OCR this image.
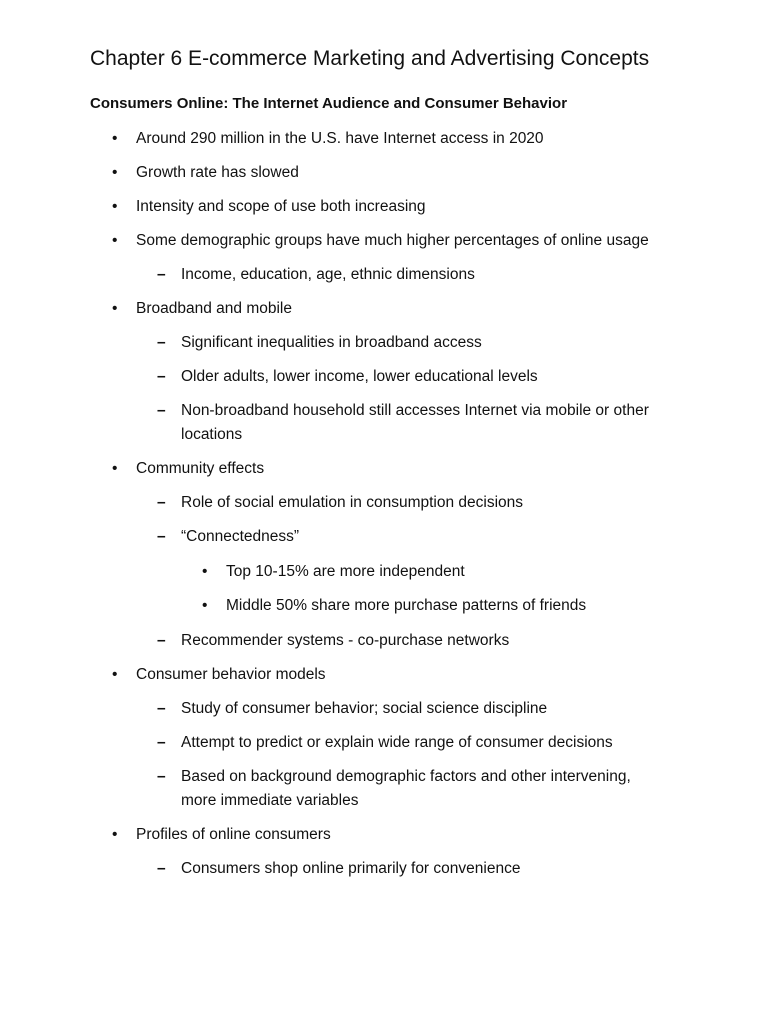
Chapter 6 E-commerce Marketing and Advertising Concepts
Consumers Online: The Internet Audience and Consumer Behavior
• Around 290 million in the U.S. have Internet access in 2020
• Growth rate has slowed
• Intensity and scope of use both increasing
• Some demographic groups have much higher percentages of online usage
– Income, education, age, ethnic dimensions
• Broadband and mobile
– Significant inequalities in broadband access
– Older adults, lower income, lower educational levels
– Non-broadband household still accesses Internet via mobile or other
locations
• Community effects
– Role of social emulation in consumption decisions
– “Connectedness”
• Top 10-15% are more independent
• Middle 50% share more purchase patterns of friends
– Recommender systems - co-purchase networks
• Consumer behavior models
– Study of consumer behavior; social science discipline
– Attempt to predict or explain wide range of consumer decisions
– Based on background demographic factors and other intervening,
more immediate variables
• Profiles of online consumers
– Consumers shop online primarily for convenience
